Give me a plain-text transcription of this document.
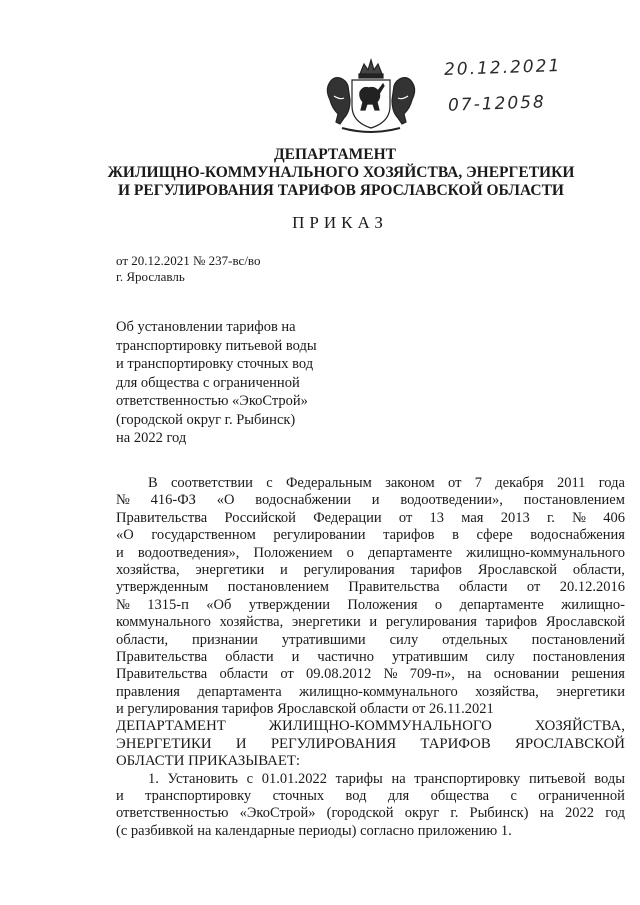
20.12.2021
07-12058
ДЕПАРТАМЕНТ
ЖИЛИЩНО-КОММУНАЛЬНОГО ХОЗЯЙСТВА, ЭНЕРГЕТИКИ
И РЕГУЛИРОВАНИЯ ТАРИФОВ ЯРОСЛАВСКОЙ ОБЛАСТИ
ПРИКАЗ
от 20.12.2021 № 237-вс/во
г. Ярославль
Об установлении тарифов на
транспортировку питьевой воды
и транспортировку сточных вод
для общества с ограниченной
ответственностью «ЭкоСтрой»
(городской округ г. Рыбинск)
на 2022 год
В соответствии с Федеральным законом от 7 декабря 2011 года
№ 416-ФЗ «О водоснабжении и водоотведении», постановлением
Правительства Российской Федерации от 13 мая 2013 г. № 406
«О государственном регулировании тарифов в сфере водоснабжения
и водоотведения», Положением о департаменте жилищно-коммунального
хозяйства, энергетики и регулирования тарифов Ярославской области,
утвержденным постановлением Правительства области от 20.12.2016
№ 1315-п «Об утверждении Положения о департаменте жилищно-
коммунального хозяйства, энергетики и регулирования тарифов Ярославской
области, признании утратившими силу отдельных постановлений
Правительства области и частично утратившим силу постановления
Правительства области от 09.08.2012 № 709-п», на основании решения
правления департамента жилищно-коммунального хозяйства, энергетики
и регулирования тарифов Ярославской области от 26.11.2021
ДЕПАРТАМЕНТ	ЖИЛИЩНО-КОММУНАЛЬНОГО	ХОЗЯЙСТВА,
ЭНЕРГЕТИКИ И РЕГУЛИРОВАНИЯ ТАРИФОВ ЯРОСЛАВСКОЙ
ОБЛАСТИ ПРИКАЗЫВАЕТ:
1. Установить с 01.01.2022 тарифы на транспортировку питьевой воды
и транспортировку сточных вод для общества с ограниченной
ответственностью «ЭкоСтрой» (городской округ г. Рыбинск) на 2022 год
(с разбивкой на календарные периоды) согласно приложению 1.
